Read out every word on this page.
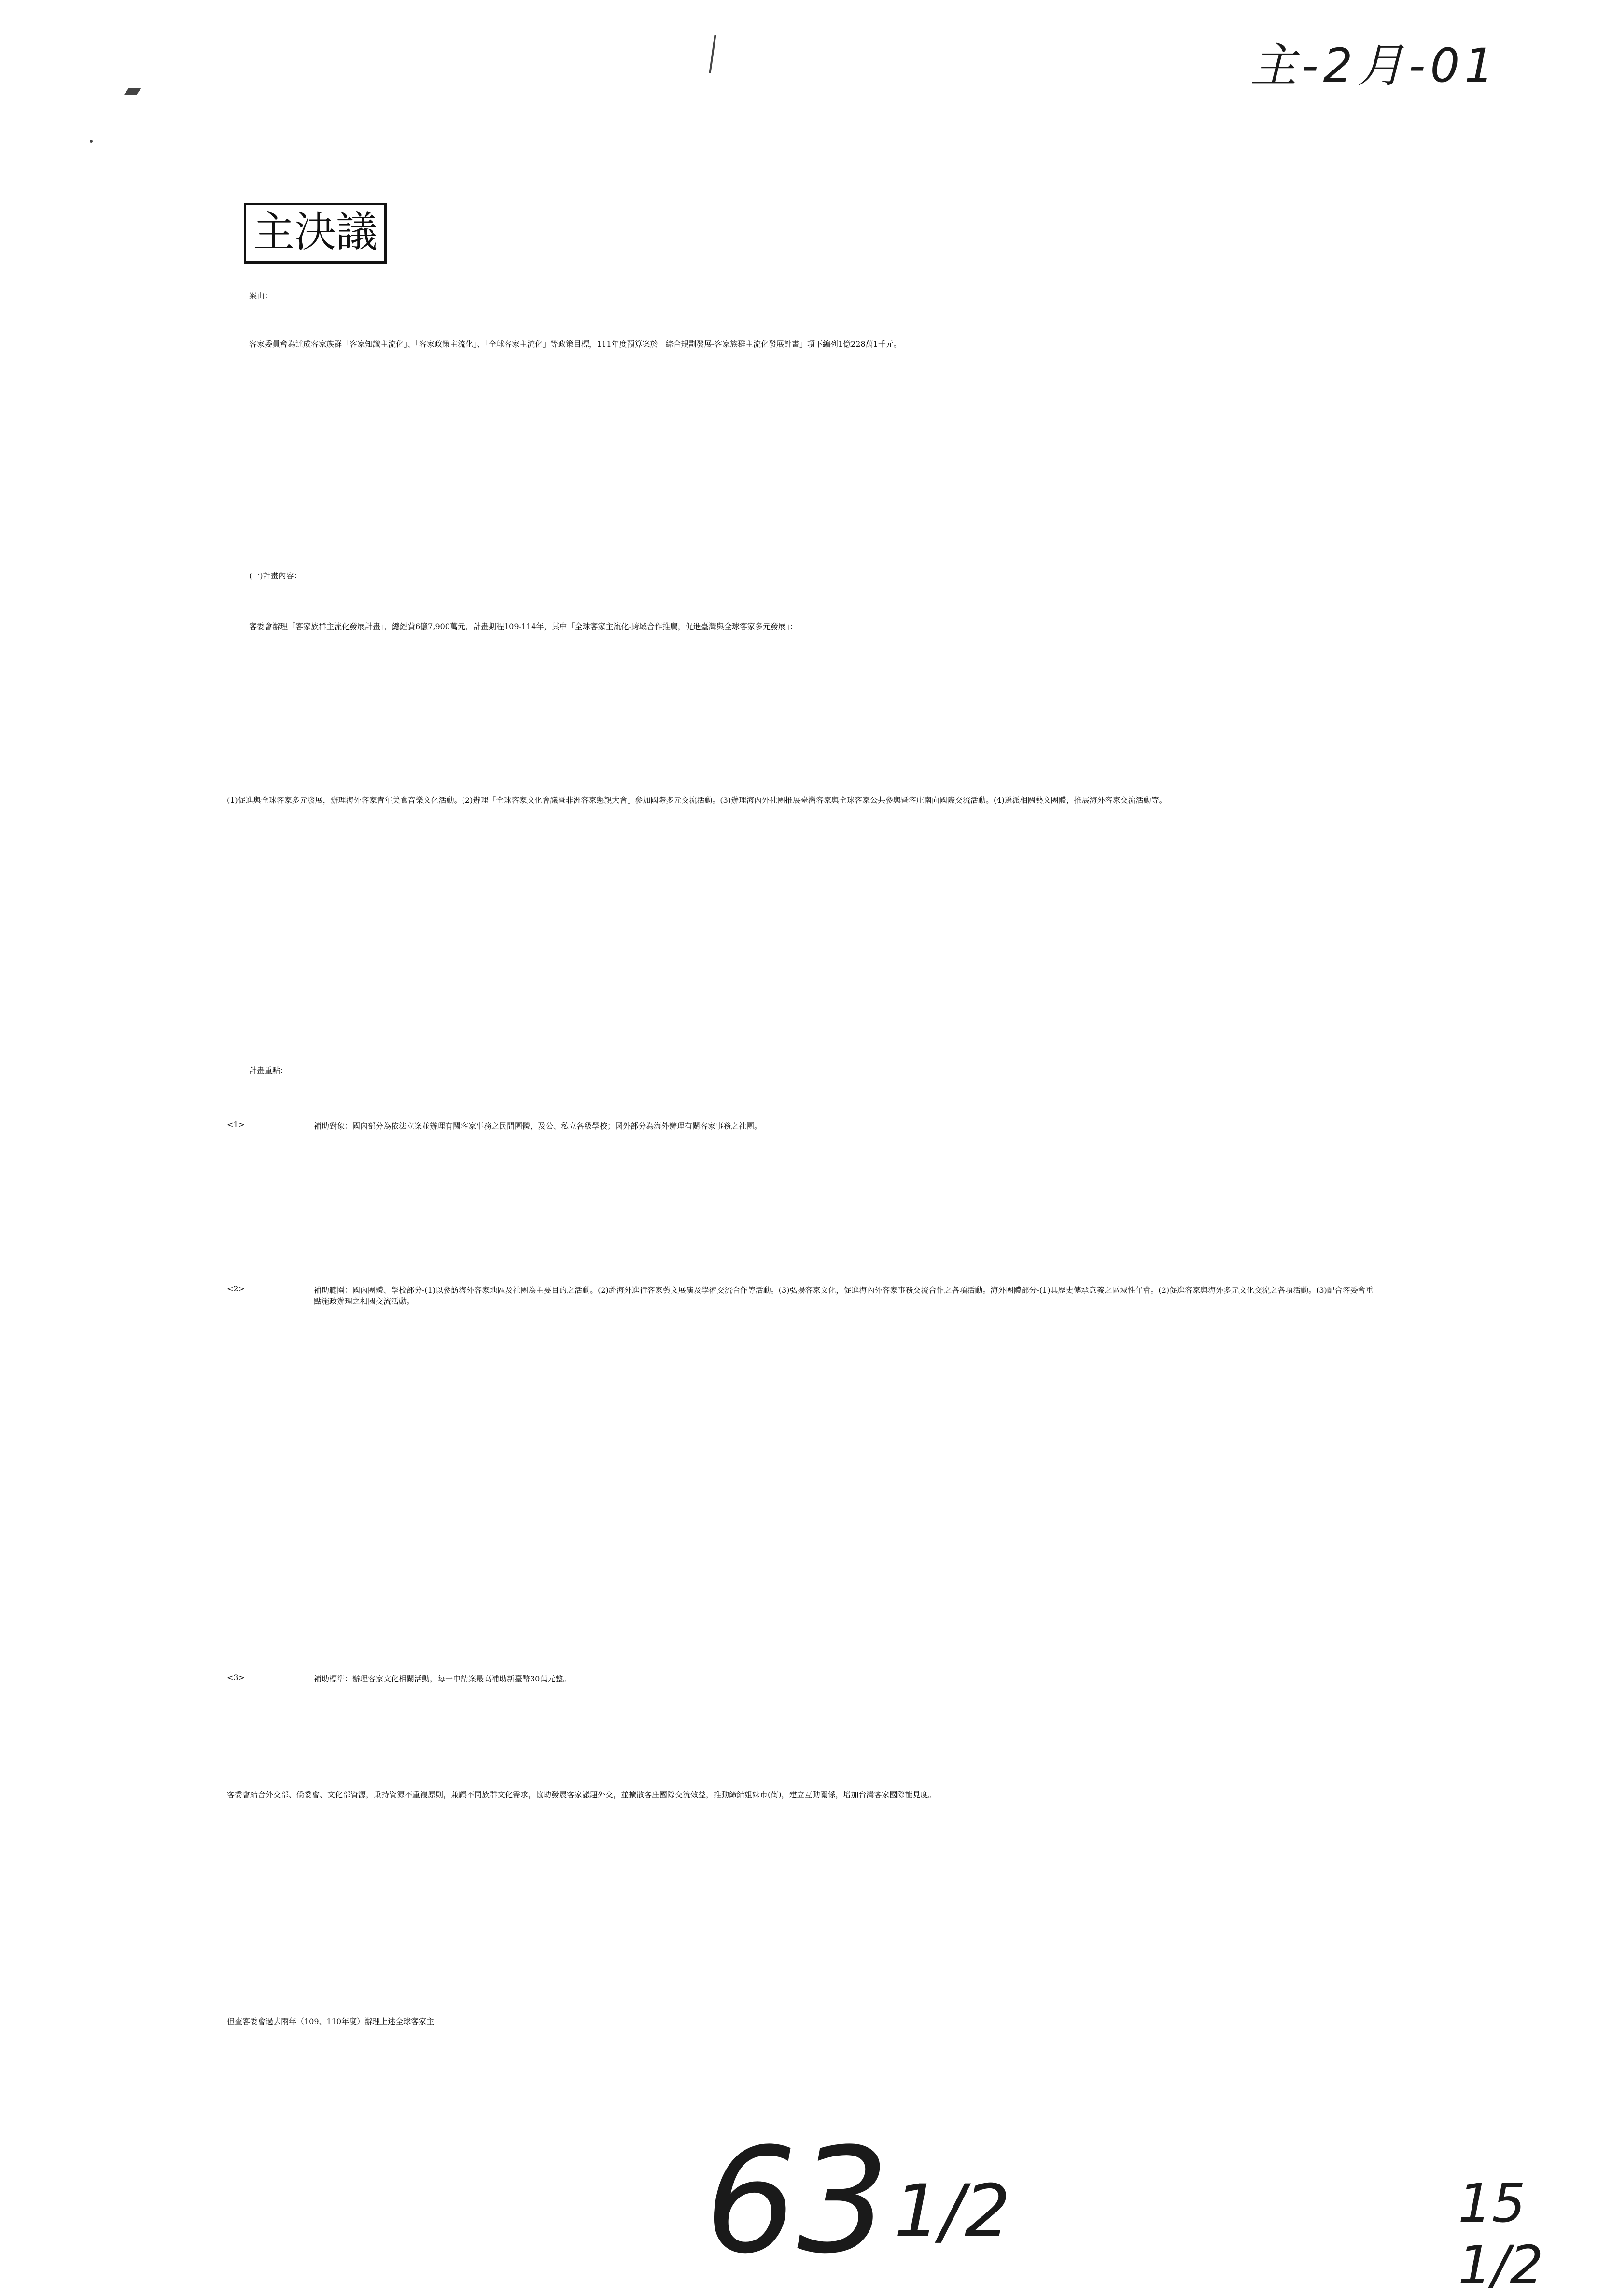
主-2月-01
主決議
案由：
客家委員會為達成客家族群「客家知識主流化」、「客家政策主流化」、「全球客家主流化」等政策目標，111年度預算案於「綜合規劃發展-客家族群主流化發展計畫」項下編列1億228萬1千元。
(一)計畫內容：
客委會辦理「客家族群主流化發展計畫」，總經費6億7,900萬元，計畫期程109-114年，其中「全球客家主流化-跨域合作推廣，促進臺灣與全球客家多元發展」：
(1)促進與全球客家多元發展，辦理海外客家青年美食音樂文化活動。(2)辦理「全球客家文化會議暨非洲客家懇親大會」參加國際多元交流活動。(3)辦理海內外社團推展臺灣客家與全球客家公共參與暨客庄南向國際交流活動。(4)遴派相關藝文團體，推展海外客家交流活動等。
計畫重點：
<1>	補助對象：國內部分為依法立案並辦理有關客家事務之民間團體，及公、私立各級學校；國外部分為海外辦理有關客家事務之社團。
<2>	補助範圍：國內團體、學校部分-(1)以參訪海外客家地區及社團為主要目的之活動。(2)赴海外進行客家藝文展演及學術交流合作等活動。(3)弘揚客家文化，促進海內外客家事務交流合作之各項活動。海外團體部分-(1)具歷史傳承意義之區域性年會。(2)促進客家與海外多元文化交流之各項活動。(3)配合客委會重點施政辦理之相關交流活動。
<3>	補助標準：辦理客家文化相關活動，每一申請案最高補助新臺幣30萬元整。
客委會結合外交部、僑委會、文化部資源，秉持資源不重複原則，兼顧不同族群文化需求，協助發展客家議題外交，並擴散客庄國際交流效益，推動締結姐妹市(街)，建立互動關係，增加台灣客家國際能見度。
但查客委會過去兩年（109、110年度）辦理上述全球客家主
631/2	15 1/2
